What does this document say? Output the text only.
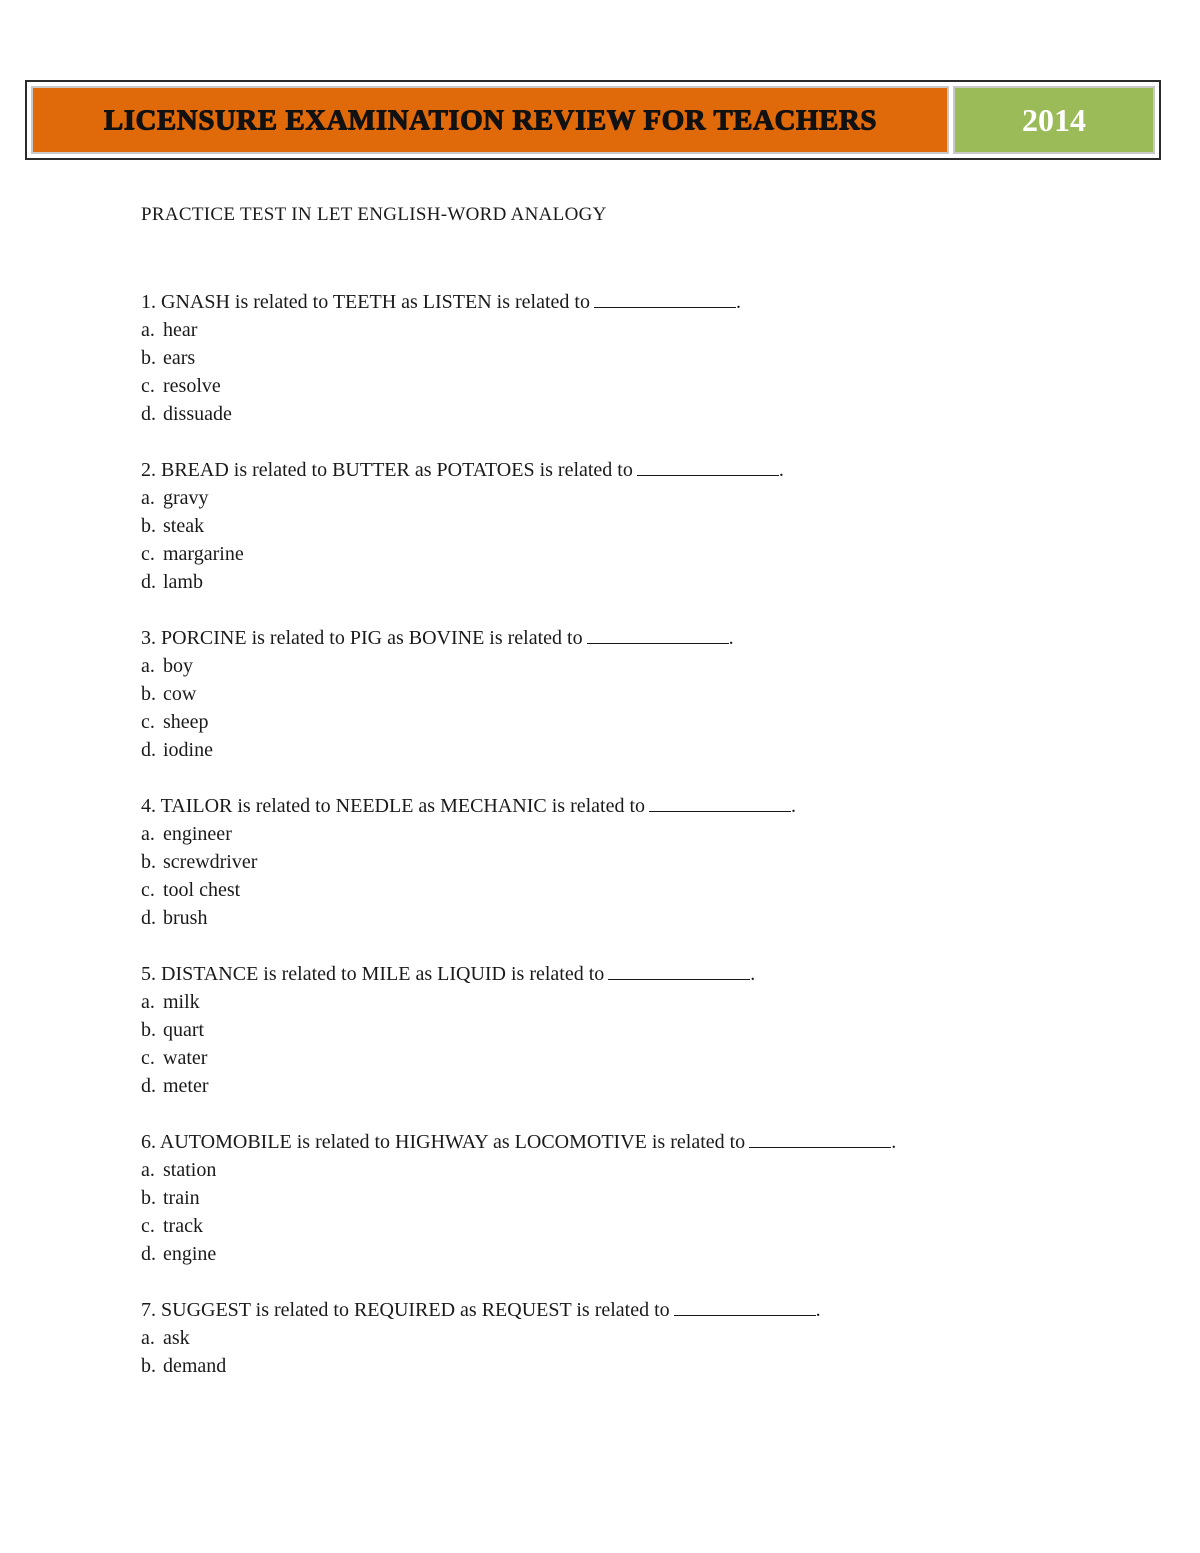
LICENSURE EXAMINATION REVIEW FOR TEACHERS	2014

PRACTICE TEST IN LET ENGLISH-WORD ANALOGY

1. GNASH is related to TEETH as LISTEN is related to	.

a. hear

b. ears

c. resolve

d. dissuade

2. BREAD is related to BUTTER as POTATOES is related to	.

a. gravy

b. steak

c. margarine

d. lamb

3. PORCINE is related to PIG as BOVINE is related to	.

a. boy

b. cow

c. sheep

d. iodine

4. TAILOR is related to NEEDLE as MECHANIC is related to	.

a. engineer

b. screwdriver

c. tool chest

d. brush

5. DISTANCE is related to MILE as LIQUID is related to	.

a. milk

b. quart

c. water

d. meter

6. AUTOMOBILE is related to HIGHWAY as LOCOMOTIVE is related to	.

a. station

b. train

c. track

d. engine

7. SUGGEST is related to REQUIRED as REQUEST is related to	.

a. ask

b. demand
